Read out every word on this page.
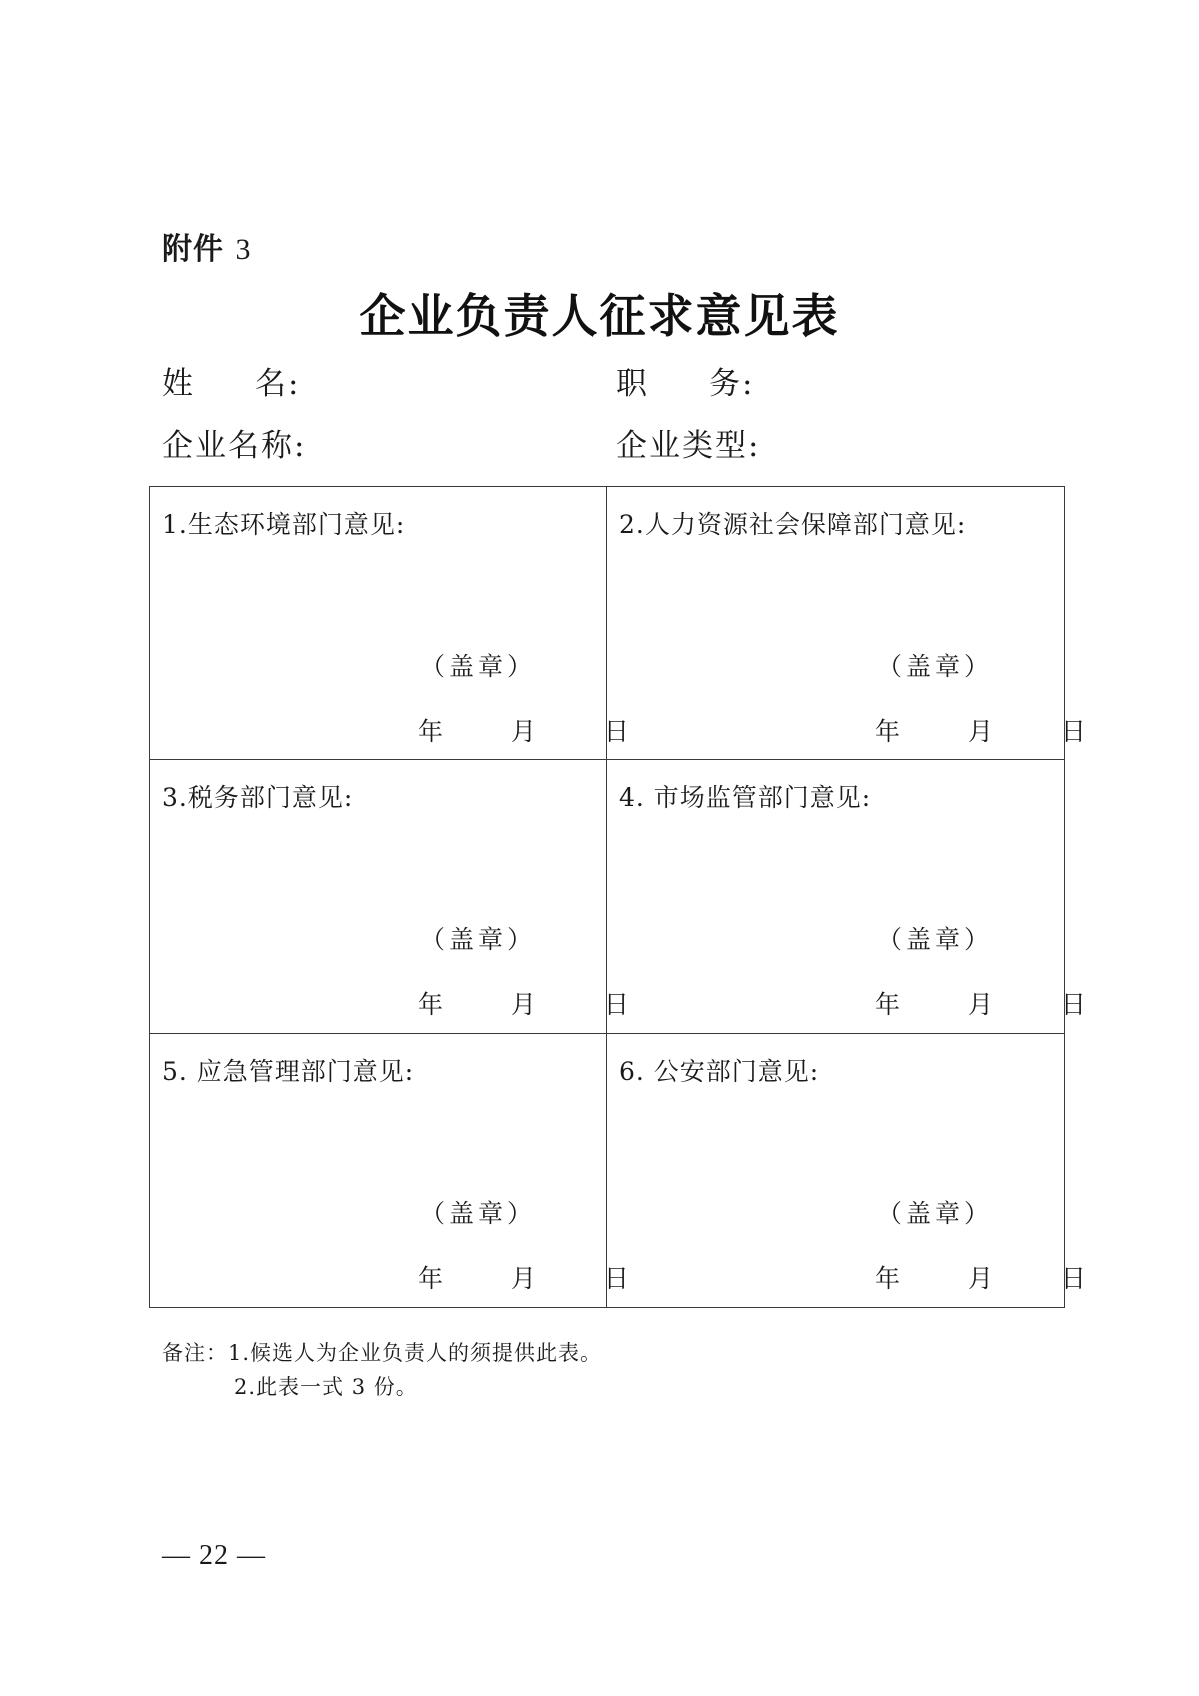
附件 3
企业负责人征求意见表
姓名:	职务:
企业名称:	企业类型:
1.生态环境部门意见:
（盖章）
年 月 日
2.人力资源社会保障部门意见:
（盖章）
年 月 日
3.税务部门意见:
（盖章）
年 月 日
4. 市场监管部门意见:
（盖章）
年 月 日
5. 应急管理部门意见:
（盖章）
年 月 日
6. 公安部门意见:
（盖章）
年 月 日
备注：1.候选人为企业负责人的须提供此表。
2.此表一式 3 份。
— 22 —
